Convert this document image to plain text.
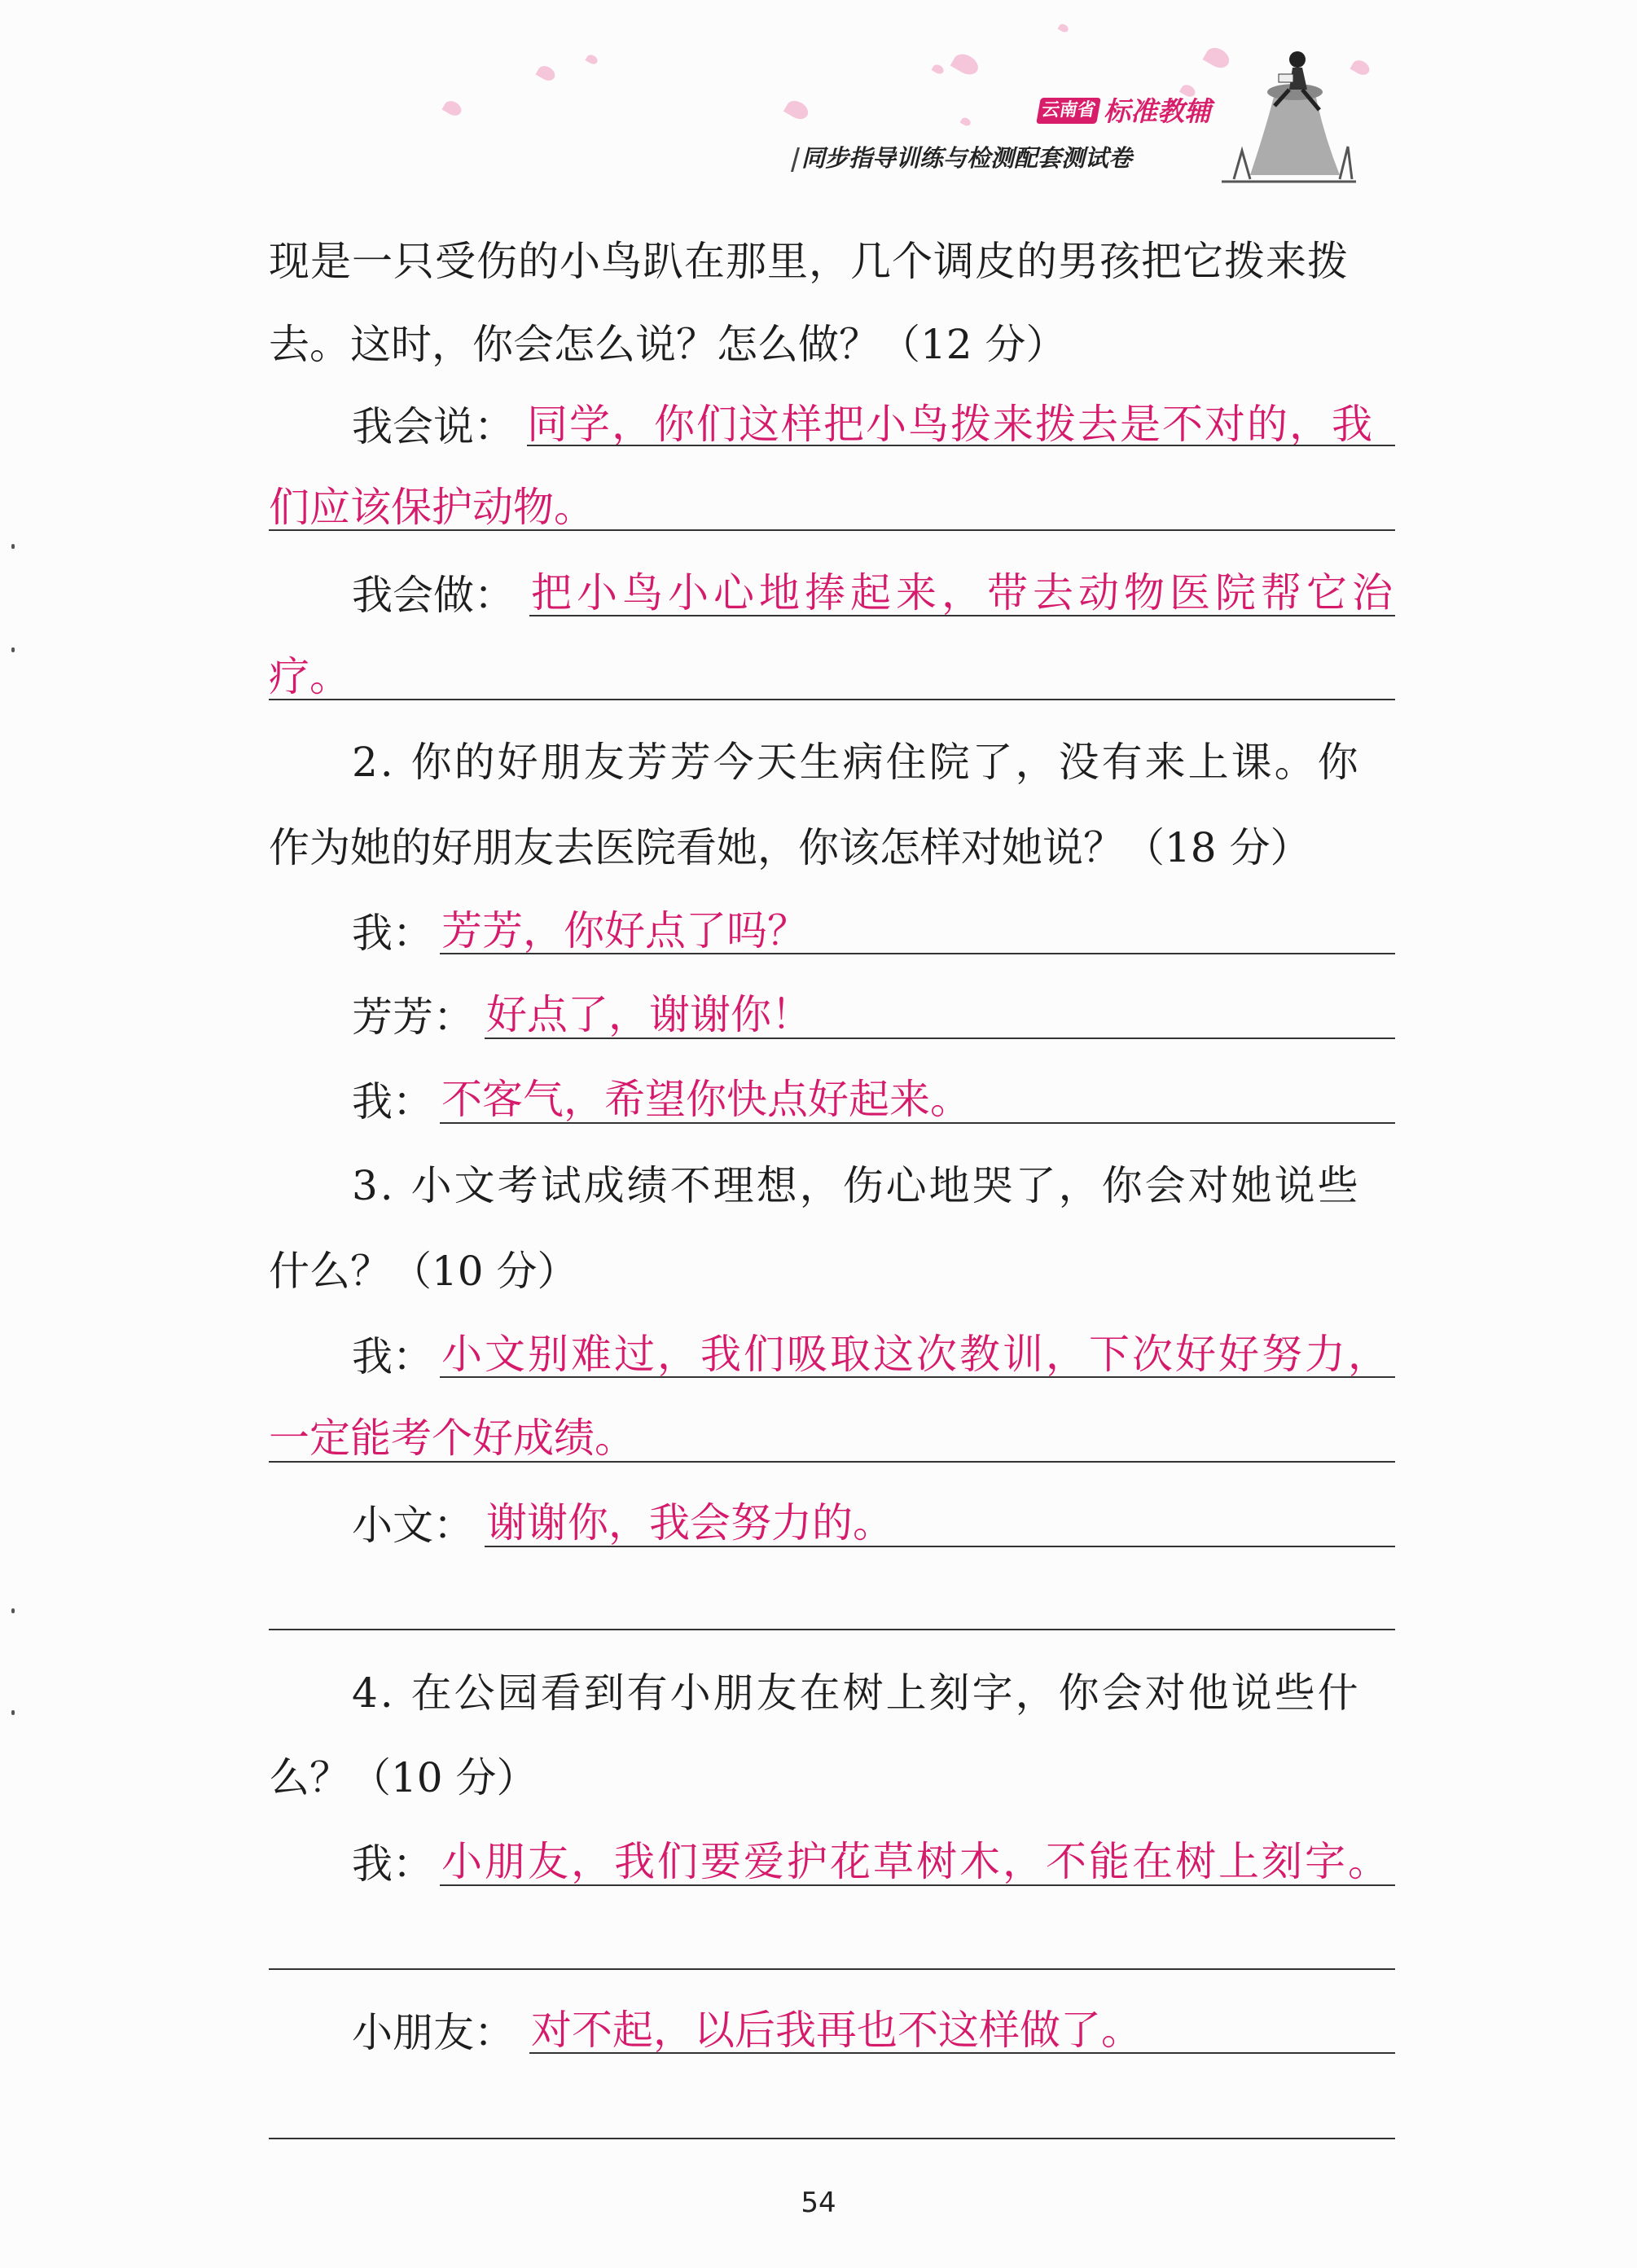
云南省 标准教辅
同步指导训练与检测配套测试卷
现是一只受伤的小鸟趴在那里，几个调皮的男孩把它拨来拨
去。这时，你会怎么说？怎么做？（12 分）
我会说： 同学，你们这样把小鸟拨来拨去是不对的，我
们应该保护动物。
我会做： 把小鸟小心地捧起来，带去动物医院帮它治
疗。
2. 你的好朋友芳芳今天生病住院了，没有来上课。你
作为她的好朋友去医院看她，你该怎样对她说？（18 分）
我： 芳芳，你好点了吗？
芳芳： 好点了，谢谢你！
我： 不客气，希望你快点好起来。
3. 小文考试成绩不理想，伤心地哭了，你会对她说些
什么？（10 分）
我： 小文别难过，我们吸取这次教训，下次好好努力，
一定能考个好成绩。
小文： 谢谢你，我会努力的。
4. 在公园看到有小朋友在树上刻字，你会对他说些什
么？（10 分）
我： 小朋友，我们要爱护花草树木，不能在树上刻字。
小朋友： 对不起，以后我再也不这样做了。
54
